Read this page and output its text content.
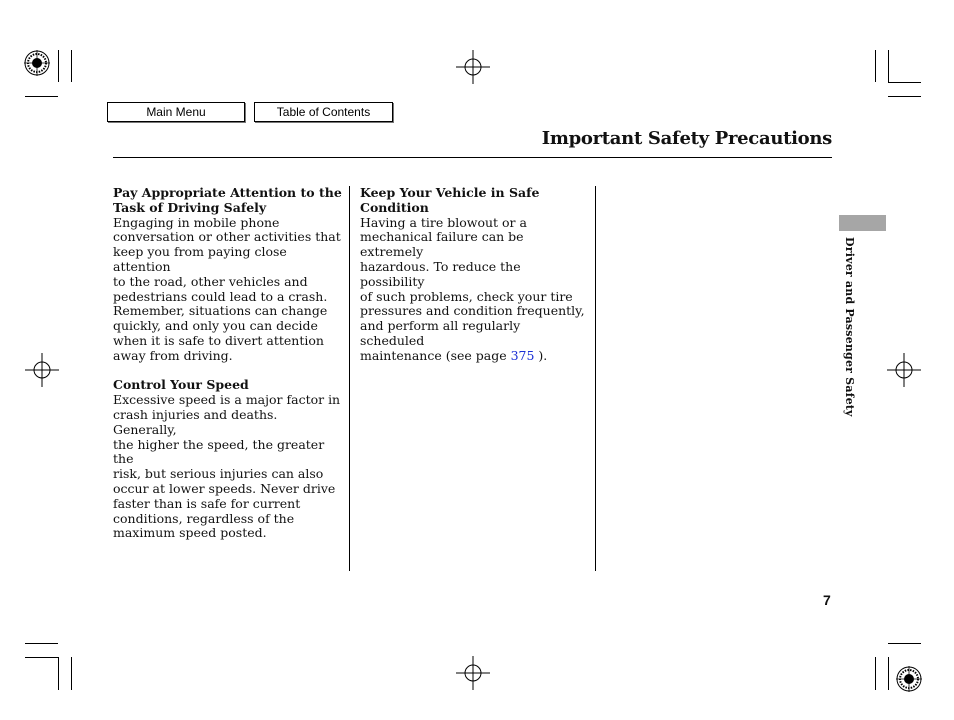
Main Menu	Table of Contents
Important Safety Precautions
Pay Appropriate Attention to the
Task of Driving Safely
Engaging in mobile phone
conversation or other activities that
keep you from paying close attention
to the road, other vehicles and
pedestrians could lead to a crash.
Remember, situations can change
quickly, and only you can decide
when it is safe to divert attention
away from driving.
Control Your Speed
Excessive speed is a major factor in
crash injuries and deaths. Generally,
the higher the speed, the greater the
risk, but serious injuries can also
occur at lower speeds. Never drive
faster than is safe for current
conditions, regardless of the
maximum speed posted.
Keep Your Vehicle in Safe
Condition
Having a tire blowout or a
mechanical failure can be extremely
hazardous. To reduce the possibility
of such problems, check your tire
pressures and condition frequently,
and perform all regularly scheduled
maintenance (see page 375 ).	Driver and Passenger Safety
7
